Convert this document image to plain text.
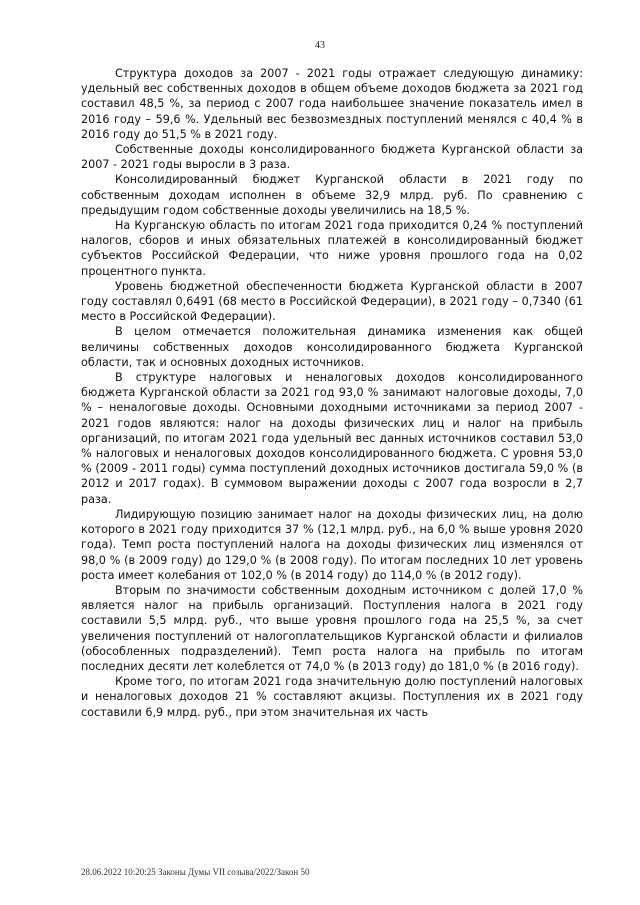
43

Структура доходов за 2007 - 2021 годы отражает следующую динамику: удельный вес собственных доходов в общем объеме доходов бюджета за 2021 год составил 48,5 %, за период с 2007 года наибольшее значение показатель имел в 2016 году – 59,6 %. Удельный вес безвозмездных поступлений менялся с 40,4 % в 2016 году до 51,5 % в 2021 году.

Собственные доходы консолидированного бюджета Курганской области за 2007 - 2021 годы выросли в 3 раза.

Консолидированный бюджет Курганской области в 2021 году по собственным доходам исполнен в объеме 32,9 млрд. руб. По сравнению с предыдущим годом собственные доходы увеличились на 18,5 %.

На Курганскую область по итогам 2021 года приходится 0,24 % поступлений налогов, сборов и иных обязательных платежей в консолидированный бюджет субъектов Российской Федерации, что ниже уровня прошлого года на 0,02 процентного пункта.

Уровень бюджетной обеспеченности бюджета Курганской области в 2007 году составлял 0,6491 (68 место в Российской Федерации), в 2021 году – 0,7340 (61 место в Российской Федерации).

В целом отмечается положительная динамика изменения как общей величины собственных доходов консолидированного бюджета Курганской области, так и основных доходных источников.

В структуре налоговых и неналоговых доходов консолидированного бюджета Курганской области за 2021 год 93,0 % занимают налоговые доходы, 7,0 % – неналоговые доходы. Основными доходными источниками за период 2007 - 2021 годов являются: налог на доходы физических лиц и налог на прибыль организаций, по итогам 2021 года удельный вес данных источников составил 53,0 % налоговых и неналоговых доходов консолидированного бюджета. С уровня 53,0 % (2009 - 2011 годы) сумма поступлений доходных источников достигала 59,0 % (в 2012 и 2017 годах). В суммовом выражении доходы с 2007 года возросли в 2,7 раза.

Лидирующую позицию занимает налог на доходы физических лиц, на долю которого в 2021 году приходится 37 % (12,1 млрд. руб., на 6,0 % выше уровня 2020 года). Темп роста поступлений налога на доходы физических лиц изменялся от 98,0 % (в 2009 году) до 129,0 % (в 2008 году). По итогам последних 10 лет уровень роста имеет колебания от 102,0 % (в 2014 году) до 114,0 % (в 2012 году).

Вторым по значимости собственным доходным источником с долей 17,0 % является налог на прибыль организаций. Поступления налога в 2021 году составили 5,5 млрд. руб., что выше уровня прошлого года на 25,5 %, за счет увеличения поступлений от налогоплательщиков Курганской области и филиалов (обособленных подразделений). Темп роста налога на прибыль по итогам последних десяти лет колеблется от 74,0 % (в 2013 году) до 181,0 % (в 2016 году).

Кроме того, по итогам 2021 года значительную долю поступлений налоговых и неналоговых доходов 21 % составляют акцизы. Поступления их в 2021 году составили 6,9 млрд. руб., при этом значительная их часть

28.06.2022 10:20:25 Законы Думы VII созыва/2022/Закон 50
